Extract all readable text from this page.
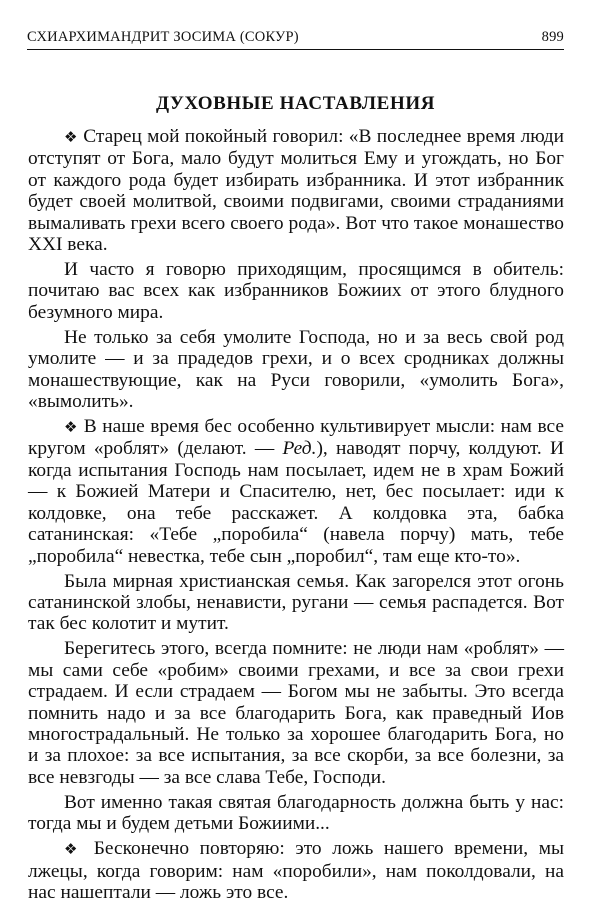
СХИАРХИМАНДРИТ ЗОСИМА (СОКУР)	899
ДУХОВНЫЕ НАСТАВЛЕНИЯ

❖ Старец мой покойный говорил: «В последнее время люди отступят от Бога, мало будут молиться Ему и угождать, но Бог от каждого рода будет избирать избранника. И этот избранник будет своей молитвой, своими подвигами, своими страданиями вымаливать грехи всего своего рода». Вот что такое монашество XXI века.

И часто я говорю приходящим, просящимся в обитель: почитаю вас всех как избранников Божиих от этого блудного безумного мира.

Не только за себя умолите Господа, но и за весь свой род умолите — и за прадедов грехи, и о всех сродниках должны монашествующие, как на Руси говорили, «умолить Бога», «вымолить».

❖ В наше время бес особенно культивирует мысли: нам все кругом «роблят» (делают. — Ред.), наводят порчу, колдуют. И когда испытания Господь нам посылает, идем не в храм Божий — к Божией Матери и Спасителю, нет, бес посылает: иди к колдовке, она тебе расскажет. А колдовка эта, бабка сатанинская: «Тебе „поробила“ (навела порчу) мать, тебе „поробила“ невестка, тебе сын „поробил“, там еще кто-то».

Была мирная христианская семья. Как загорелся этот огонь сатанинской злобы, ненависти, ругани — семья распадется. Вот так бес колотит и мутит.

Берегитесь этого, всегда помните: не люди нам «роблят» — мы сами себе «робим» своими грехами, и все за свои грехи страдаем. И если страдаем — Богом мы не забыты. Это всегда помнить надо и за все благодарить Бога, как праведный Иов многострадальный. Не только за хорошее благодарить Бога, но и за плохое: за все испытания, за все скорби, за все болезни, за все невзгоды — за все слава Тебе, Господи.

Вот именно такая святая благодарность должна быть у нас: тогда мы и будем детьми Божиими...

❖ Бесконечно повторяю: это ложь нашего времени, мы лжецы, когда говорим: нам «поробили», нам поколдовали, на нас нашептали — ложь это все.
